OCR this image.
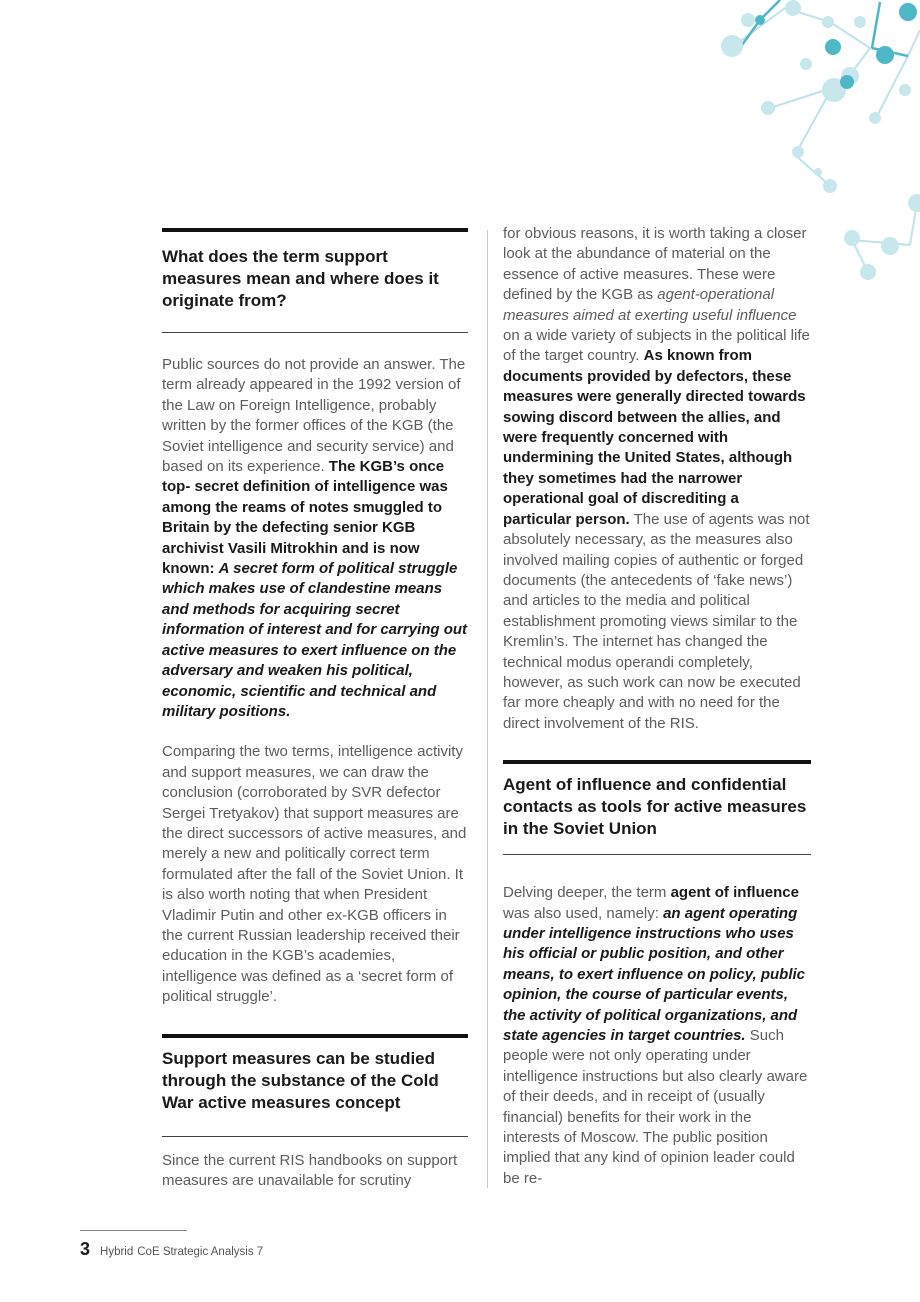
What does the term support measures mean and where does it originate from?

Public sources do not provide an answer. The term already appeared in the 1992 version of the Law on Foreign Intelligence, probably written by the former offices of the KGB (the Soviet intelligence and security service) and based on its experience. The KGB’s once top- secret definition of intelligence was among the reams of notes smuggled to Britain by the defecting senior KGB archivist Vasili Mitrokhin and is now known: A secret form of political struggle which makes use of clandestine means and methods for acquiring secret information of interest and for carrying out active measures to exert influence on the adversary and weaken his political, economic, scientific and technical and military positions.

Comparing the two terms, intelligence activity and support measures, we can draw the conclusion (corroborated by SVR defector Sergei Tretyakov) that support measures are the direct successors of active measures, and merely a new and politically correct term formulated after the fall of the Soviet Union. It is also worth noting that when President Vladimir Putin and other ex-KGB officers in the current Russian leadership received their education in the KGB’s academies, intelligence was defined as a ‘secret form of political struggle’.

Support measures can be studied through the substance of the Cold War active measures concept

Since the current RIS handbooks on support measures are unavailable for scrutiny

for obvious reasons, it is worth taking a closer look at the abundance of material on the essence of active measures. These were defined by the KGB as agent-operational measures aimed at exerting useful influence on a wide variety of subjects in the political life of the target country. As known from documents provided by defectors, these measures were generally directed towards sowing discord between the allies, and were frequently concerned with undermining the United States, although they sometimes had the narrower operational goal of discrediting a particular person. The use of agents was not absolutely necessary, as the measures also involved mailing copies of authentic or forged documents (the antecedents of ‘fake news’) and articles to the media and political establishment promoting views similar to the Kremlin’s. The internet has changed the technical modus operandi completely, however, as such work can now be executed far more cheaply and with no need for the direct involvement of the RIS.

Agent of influence and confidential contacts as tools for active measures in the Soviet Union

Delving deeper, the term agent of influence was also used, namely: an agent operating under intelligence instructions who uses his official or public position, and other means, to exert influence on policy, public opinion, the course of particular events, the activity of political organizations, and state agencies in target countries. Such people were not only operating under intelligence instructions but also clearly aware of their deeds, and in receipt of (usually financial) benefits for their work in the interests of Moscow. The public position implied that any kind of opinion leader could be re-

3 Hybrid CoE Strategic Analysis 7
